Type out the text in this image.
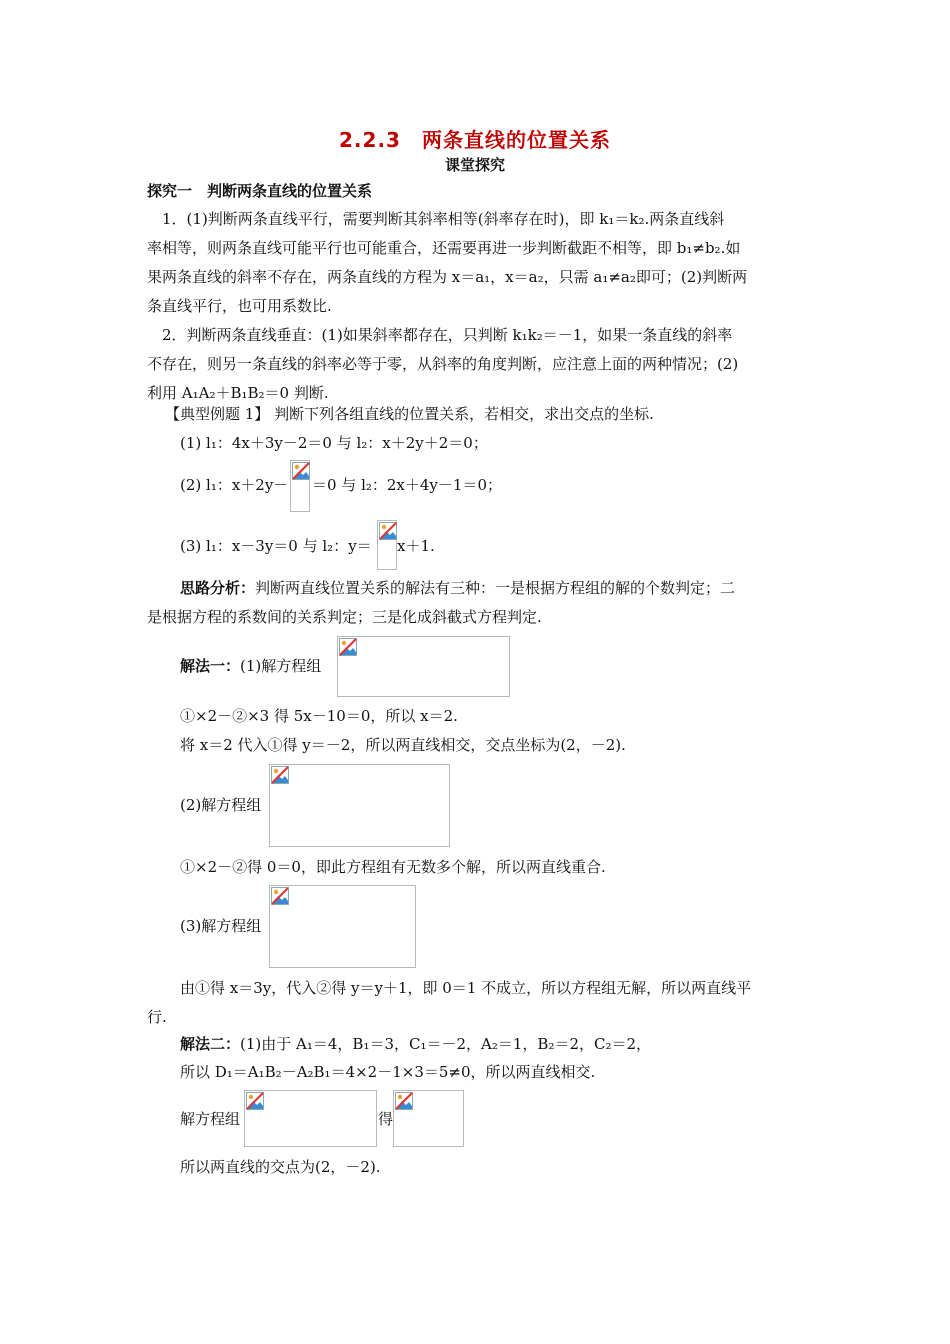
2.2.3　两条直线的位置关系
课堂探究
探究一　判断两条直线的位置关系
　1．(1)判断两条直线平行，需要判断其斜率相等(斜率存在时)，即 k₁＝k₂.两条直线斜
率相等，则两条直线可能平行也可能重合，还需要再进一步判断截距不相等，即 b₁≠b₂.如
果两条直线的斜率不存在，两条直线的方程为 x＝a₁，x＝a₂，只需 a₁≠a₂即可；(2)判断两
条直线平行，也可用系数比.
　2．判断两条直线垂直：(1)如果斜率都存在，只判断 k₁k₂＝－1，如果一条直线的斜率
不存在，则另一条直线的斜率必等于零，从斜率的角度判断，应注意上面的两种情况；(2)
利用 A₁A₂＋B₁B₂＝0 判断.
【典型例题 1】 判断下列各组直线的位置关系，若相交，求出交点的坐标.
(1) l₁：4x＋3y－2＝0 与 l₂：x＋2y＋2＝0；
(2) l₁：x＋2y－	＝0 与 l₂：2x＋4y－1＝0；
(3) l₁：x－3y＝0 与 l₂：y＝	x＋1.
思路分析：判断两直线位置关系的解法有三种：一是根据方程组的解的个数判定；二
是根据方程的系数间的关系判定；三是化成斜截式方程判定.
解法一：(1)解方程组
①×2－②×3 得 5x－10＝0，所以 x＝2.
将 x＝2 代入①得 y＝－2，所以两直线相交，交点坐标为(2，－2).
(2)解方程组
①×2－②得 0＝0，即此方程组有无数多个解，所以两直线重合.
(3)解方程组
由①得 x＝3y，代入②得 y＝y＋1，即 0＝1 不成立，所以方程组无解，所以两直线平
行.
解法二：(1)由于 A₁＝4，B₁＝3，C₁＝－2，A₂＝1，B₂＝2，C₂＝2，
所以 D₁＝A₁B₂－A₂B₁＝4×2－1×3＝5≠0，所以两直线相交.
解方程组	得
所以两直线的交点为(2，－2).
